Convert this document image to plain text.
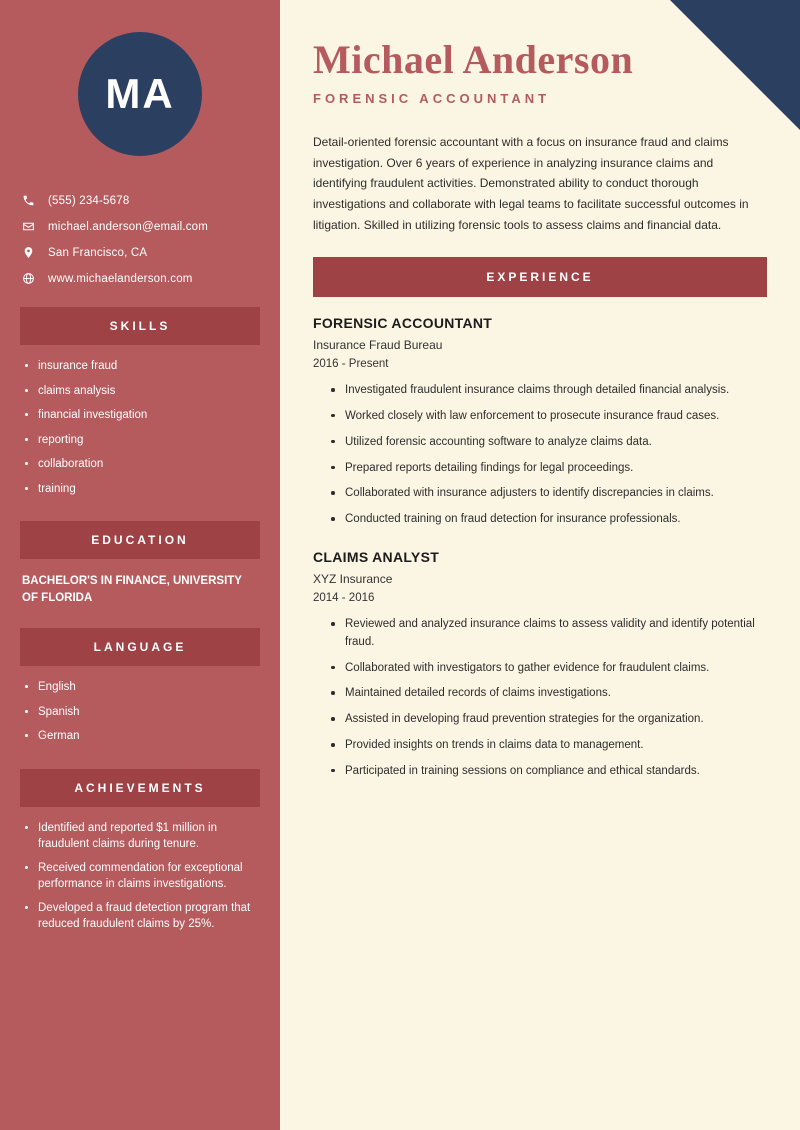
MA
(555) 234-5678
michael.anderson@email.com
San Francisco, CA
www.michaelanderson.com
SKILLS
insurance fraud
claims analysis
financial investigation
reporting
collaboration
training
EDUCATION
BACHELOR'S IN FINANCE, UNIVERSITY OF FLORIDA
LANGUAGE
English
Spanish
German
ACHIEVEMENTS
Identified and reported $1 million in fraudulent claims during tenure.
Received commendation for exceptional performance in claims investigations.
Developed a fraud detection program that reduced fraudulent claims by 25%.
Michael Anderson
FORENSIC ACCOUNTANT

Detail-oriented forensic accountant with a focus on insurance fraud and claims investigation. Over 6 years of experience in analyzing insurance claims and identifying fraudulent activities. Demonstrated ability to conduct thorough investigations and collaborate with legal teams to facilitate successful outcomes in litigation. Skilled in utilizing forensic tools to assess claims and financial data.

EXPERIENCE
FORENSIC ACCOUNTANT
Insurance Fraud Bureau
2016 - Present
Investigated fraudulent insurance claims through detailed financial analysis.
Worked closely with law enforcement to prosecute insurance fraud cases.
Utilized forensic accounting software to analyze claims data.
Prepared reports detailing findings for legal proceedings.
Collaborated with insurance adjusters to identify discrepancies in claims.
Conducted training on fraud detection for insurance professionals.
CLAIMS ANALYST
XYZ Insurance
2014 - 2016
Reviewed and analyzed insurance claims to assess validity and identify potential fraud.
Collaborated with investigators to gather evidence for fraudulent claims.
Maintained detailed records of claims investigations.
Assisted in developing fraud prevention strategies for the organization.
Provided insights on trends in claims data to management.
Participated in training sessions on compliance and ethical standards.
